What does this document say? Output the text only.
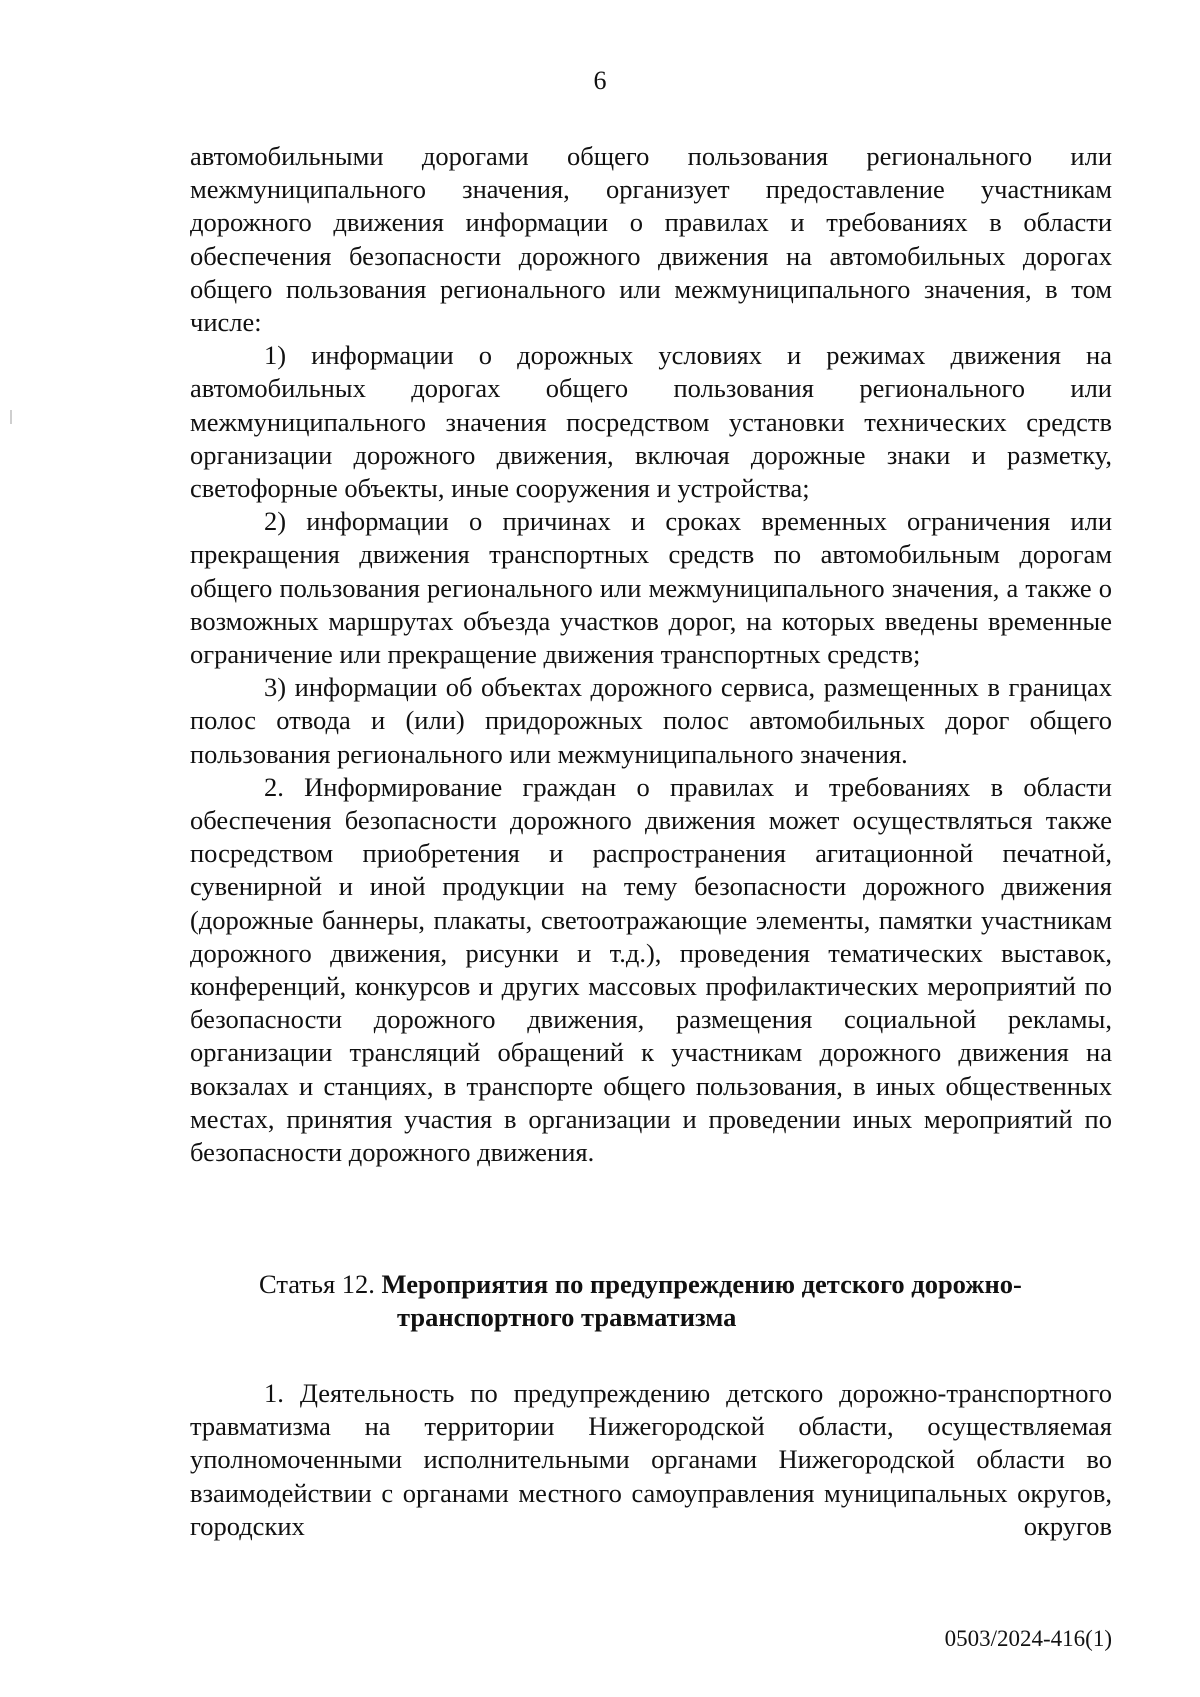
6

автомобильными дорогами общего пользования регионального или межмуниципального значения, организует предоставление участникам дорожного движения информации о правилах и требованиях в области обеспечения безопасности дорожного движения на автомобильных дорогах общего пользования регионального или межмуниципального значения, в том числе:

1) информации о дорожных условиях и режимах движения на автомобильных дорогах общего пользования регионального или межмуниципального значения посредством установки технических средств организации дорожного движения, включая дорожные знаки и разметку, светофорные объекты, иные сооружения и устройства;

2) информации о причинах и сроках временных ограничения или прекращения движения транспортных средств по автомобильным дорогам общего пользования регионального или межмуниципального значения, а также о возможных маршрутах объезда участков дорог, на которых введены временные ограничение или прекращение движения транспортных средств;

3) информации об объектах дорожного сервиса, размещенных в границах полос отвода и (или) придорожных полос автомобильных дорог общего пользования регионального или межмуниципального значения.

2. Информирование граждан о правилах и требованиях в области обеспечения безопасности дорожного движения может осуществляться также посредством приобретения и распространения агитационной печатной, сувенирной и иной продукции на тему безопасности дорожного движения (дорожные баннеры, плакаты, светоотражающие элементы, памятки участникам дорожного движения, рисунки и т.д.), проведения тематических выставок, конференций, конкурсов и других массовых профилактических мероприятий по безопасности дорожного движения, размещения социальной рекламы, организации трансляций обращений к участникам дорожного движения на вокзалах и станциях, в транспорте общего пользования, в иных общественных местах, принятия участия в организации и проведении иных мероприятий по безопасности дорожного движения.

Статья 12. Мероприятия по предупреждению детского дорожно-
транспортного травматизма

1. Деятельность по предупреждению детского дорожно-транспортного травматизма на территории Нижегородской области, осуществляемая уполномоченными исполнительными органами Нижегородской области во взаимодействии с органами местного самоуправления муниципальных округов, городских округов

0503/2024-416(1)
